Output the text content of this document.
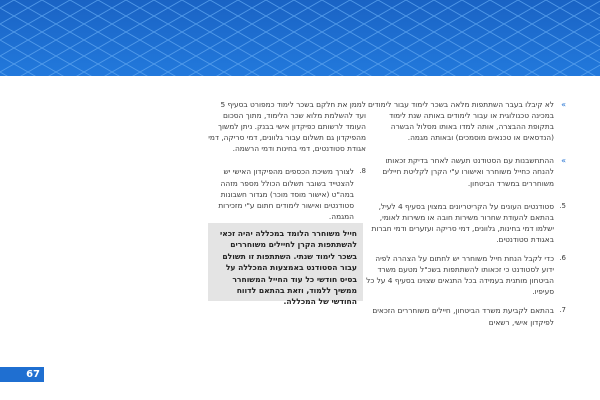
»
לא קיבלו בעבר השתתפות מלאה בשכר לימוד עבור לימודים במכינה טכנולוגית או עבור לימודים באותה שנת לימוד בתקופת ההבצרה, אותה למדו באותו מסלול הבשרה (הנדסאים או טכנאים מוסמכים) ובאותה מגמה.
»
ההתחשבנות עם הסטודנט תעשה לאחר בדיקת זכאותו להנחה כחייל משוחרר ואישורו ע"י הקרן לקליטת חיילים משוחררים במשרד הביטחון.
5.
סטודנטים העונים על הקריטריונים במצוין בסעיף 4 לעיל, בהתאם להעודת שחרור משירות חובה או משירות לאומי, ישלמו דמי בחינות, גלוונים, דמי סריקה ועזערים ודמי חברות באגודת סטודנטים.
6.
כדי לקבל הנחת חייל משוחרר יש לחתום על הצהרה לפיה ידוע לסטודנט כי זכאותו להשתתפות בשכ"ל מטעם משרד הביטחון מותנית בעמידה בכל התנאים שצוינו בסעיף 4 על כל סעיפיו.
7.
בהתאם לקביעת משרד הביטחון, חיילים משוחררים הזכאים לפיקדון אישי, רשאים
לממן את חלקם בשכר לימוד כמפורט בסעיף 5 ועד להשלמת מלוא שכר הלימוד, מתוך הסכום העומד לרשותם כפיקדון אישי בבנק. ניתן למשוך מהפיקדון גם תשלום עבור גלוונים, דמי סריקה, דמי אגודת סטודנטים, דמי בחינות ודמי הרשמה.
8.
לצורך משיכת הכספים מהפיקדון האישי יש להצטייד בשובר תשלום הכולל מספר מזהה במה"ט (אישור מוסד מוכר) מגדור חשבונות סטודנטים ואישור לימודים חתום ע"י מזכירות המגמה.
חייל משוחרר הלומד במכללה יהיה זכאי להשתתפות הקרן לחיילים משוחררים בשכר לימוד שנתי. השתתפות זו תשולם עבור הסטודנט באמצעות המכללה על בסיס חודשי כל עוד החייל המשוחרר ממשיך ללמוד, וזאת בהתאם לדווח החודשי של המכללה.
67
